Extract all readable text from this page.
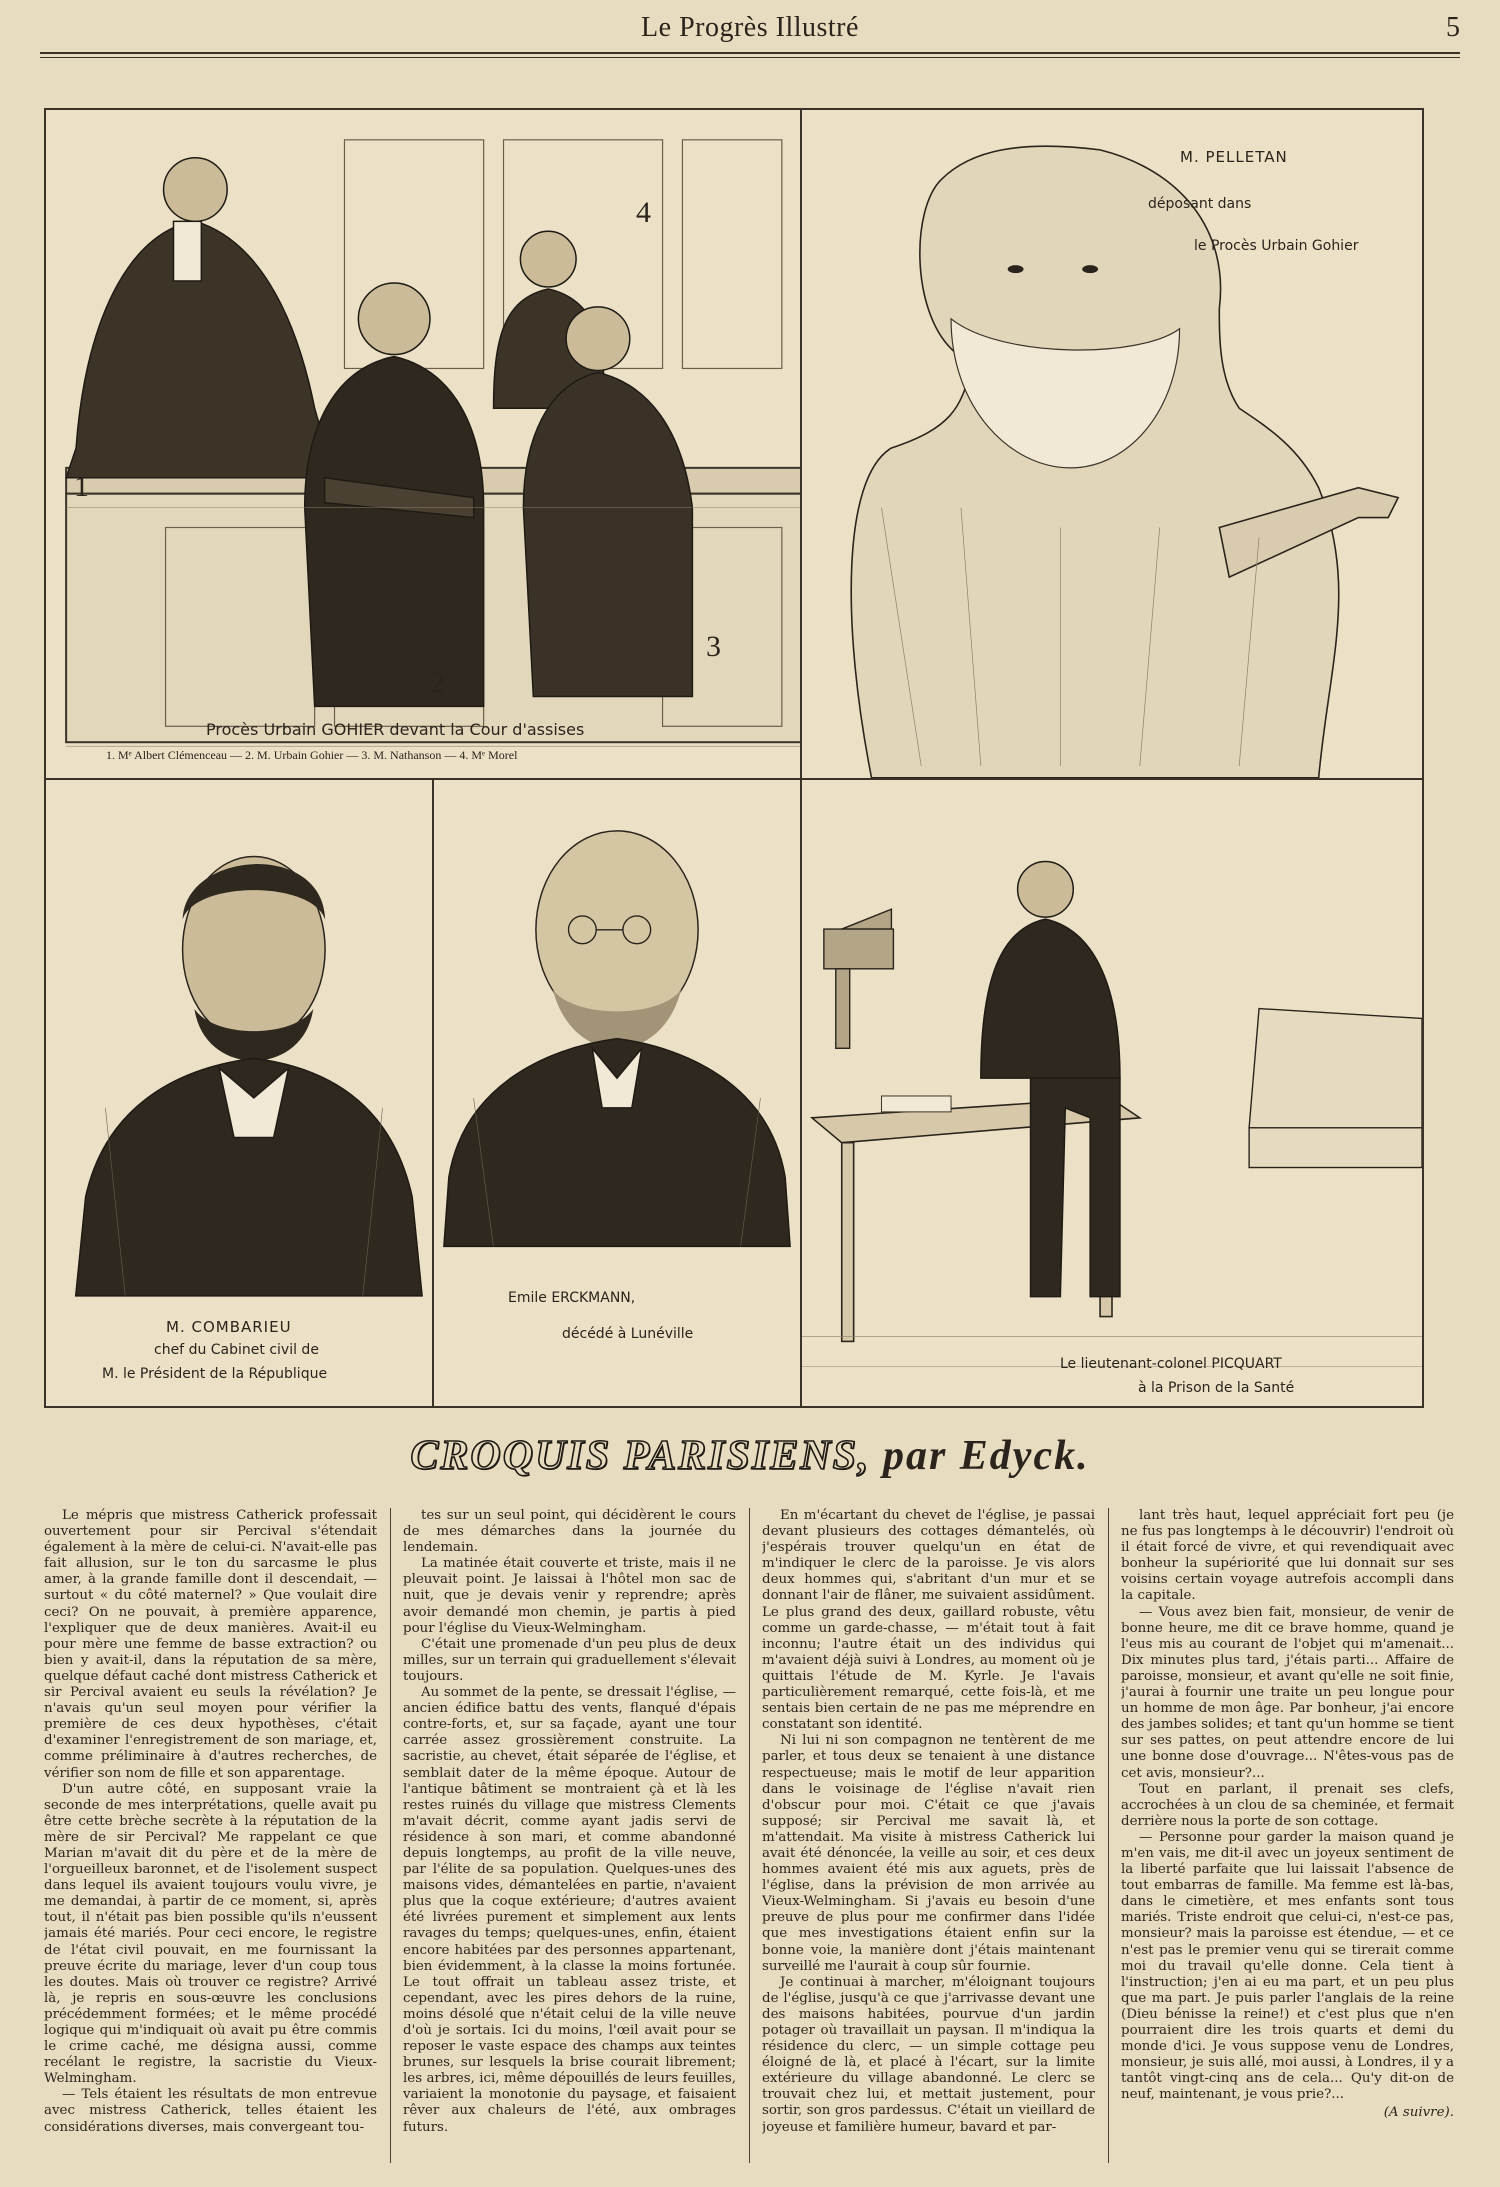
Le Progrès Illustré	5
1
2
3
4
Procès Urbain GOHIER devant la Cour d'assises
1. Mᵉ Albert Clémenceau — 2. M. Urbain Gohier — 3. M. Nathanson — 4. Mᵉ Morel
M. PELLETAN
déposant dans
le Procès Urbain Gohier
M. COMBARIEU
chef du Cabinet civil de
M. le Président de la République
Emile ERCKMANN,
décédé à Lunéville
Le lieutenant-colonel PICQUART
à la Prison de la Santé
CROQUIS PARISIENS, par Edyck.

Le mépris que mistress Catherick professait ouvertement pour sir Percival s'étendait également à la mère de celui-ci. N'avait-elle pas fait allusion, sur le ton du sarcasme le plus amer, à la grande famille dont il descendait, — surtout « du côté maternel? » Que voulait dire ceci? On ne pouvait, à première apparence, l'expliquer que de deux manières. Avait-il eu pour mère une femme de basse extraction? ou bien y avait-il, dans la réputation de sa mère, quelque défaut caché dont mistress Catherick et sir Percival avaient eu seuls la révélation? Je n'avais qu'un seul moyen pour vérifier la première de ces deux hypothèses, c'était d'examiner l'enregistrement de son mariage, et, comme préliminaire à d'autres recherches, de vérifier son nom de fille et son apparentage.

D'un autre côté, en supposant vraie la seconde de mes interprétations, quelle avait pu être cette brèche secrète à la réputation de la mère de sir Percival? Me rappelant ce que Marian m'avait dit du père et de la mère de l'orgueilleux baronnet, et de l'isolement suspect dans lequel ils avaient toujours voulu vivre, je me demandai, à partir de ce moment, si, après tout, il n'était pas bien possible qu'ils n'eussent jamais été mariés. Pour ceci encore, le registre de l'état civil pouvait, en me fournissant la preuve écrite du mariage, lever d'un coup tous les doutes. Mais où trouver ce registre? Arrivé là, je repris en sous-œuvre les conclusions précédemment formées; et le même procédé logique qui m'indiquait où avait pu être commis le crime caché, me désigna aussi, comme recélant le registre, la sacristie du Vieux-Welmingham.

— Tels étaient les résultats de mon entrevue avec mistress Catherick, telles étaient les considérations diverses, mais convergeant tou-

tes sur un seul point, qui décidèrent le cours de mes démarches dans la journée du lendemain.

La matinée était couverte et triste, mais il ne pleuvait point. Je laissai à l'hôtel mon sac de nuit, que je devais venir y reprendre; après avoir demandé mon chemin, je partis à pied pour l'église du Vieux-Welmingham.

C'était une promenade d'un peu plus de deux milles, sur un terrain qui graduellement s'élevait toujours.

Au sommet de la pente, se dressait l'église, — ancien édifice battu des vents, flanqué d'épais contre-forts, et, sur sa façade, ayant une tour carrée assez grossièrement construite. La sacristie, au chevet, était séparée de l'église, et semblait dater de la même époque. Autour de l'antique bâtiment se montraient çà et là les restes ruinés du village que mistress Clements m'avait décrit, comme ayant jadis servi de résidence à son mari, et comme abandonné depuis longtemps, au profit de la ville neuve, par l'élite de sa population. Quelques-unes des maisons vides, démantelées en partie, n'avaient plus que la coque extérieure; d'autres avaient été livrées purement et simplement aux lents ravages du temps; quelques-unes, enfin, étaient encore habitées par des personnes appartenant, bien évidemment, à la classe la moins fortunée. Le tout offrait un tableau assez triste, et cependant, avec les pires dehors de la ruine, moins désolé que n'était celui de la ville neuve d'où je sortais. Ici du moins, l'œil avait pour se reposer le vaste espace des champs aux teintes brunes, sur lesquels la brise courait librement; les arbres, ici, même dépouillés de leurs feuilles, variaient la monotonie du paysage, et faisaient rêver aux chaleurs de l'été, aux ombrages futurs.

En m'écartant du chevet de l'église, je passai devant plusieurs des cottages démantelés, où j'espérais trouver quelqu'un en état de m'indiquer le clerc de la paroisse. Je vis alors deux hommes qui, s'abritant d'un mur et se donnant l'air de flâner, me suivaient assidûment. Le plus grand des deux, gaillard robuste, vêtu comme un garde-chasse, — m'était tout à fait inconnu; l'autre était un des individus qui m'avaient déjà suivi à Londres, au moment où je quittais l'étude de M. Kyrle. Je l'avais particulièrement remarqué, cette fois-là, et me sentais bien certain de ne pas me méprendre en constatant son identité.

Ni lui ni son compagnon ne tentèrent de me parler, et tous deux se tenaient à une distance respectueuse; mais le motif de leur apparition dans le voisinage de l'église n'avait rien d'obscur pour moi. C'était ce que j'avais supposé; sir Percival me savait là, et m'attendait. Ma visite à mistress Catherick lui avait été dénoncée, la veille au soir, et ces deux hommes avaient été mis aux aguets, près de l'église, dans la prévision de mon arrivée au Vieux-Welmingham. Si j'avais eu besoin d'une preuve de plus pour me confirmer dans l'idée que mes investigations étaient enfin sur la bonne voie, la manière dont j'étais maintenant surveillé me l'aurait à coup sûr fournie.

Je continuai à marcher, m'éloignant toujours de l'église, jusqu'à ce que j'arrivasse devant une des maisons habitées, pourvue d'un jardin potager où travaillait un paysan. Il m'indiqua la résidence du clerc, — un simple cottage peu éloigné de là, et placé à l'écart, sur la limite extérieure du village abandonné. Le clerc se trouvait chez lui, et mettait justement, pour sortir, son gros pardessus. C'était un vieillard de joyeuse et familière humeur, bavard et par-

lant très haut, lequel appréciait fort peu (je ne fus pas longtemps à le découvrir) l'endroit où il était forcé de vivre, et qui revendiquait avec bonheur la supériorité que lui donnait sur ses voisins certain voyage autrefois accompli dans la capitale.

— Vous avez bien fait, monsieur, de venir de bonne heure, me dit ce brave homme, quand je l'eus mis au courant de l'objet qui m'amenait... Dix minutes plus tard, j'étais parti... Affaire de paroisse, monsieur, et avant qu'elle ne soit finie, j'aurai à fournir une traite un peu longue pour un homme de mon âge. Par bonheur, j'ai encore des jambes solides; et tant qu'un homme se tient sur ses pattes, on peut attendre encore de lui une bonne dose d'ouvrage... N'êtes-vous pas de cet avis, monsieur?...

Tout en parlant, il prenait ses clefs, accrochées à un clou de sa cheminée, et fermait derrière nous la porte de son cottage.

— Personne pour garder la maison quand je m'en vais, me dit-il avec un joyeux sentiment de la liberté parfaite que lui laissait l'absence de tout embarras de famille. Ma femme est là-bas, dans le cimetière, et mes enfants sont tous mariés. Triste endroit que celui-ci, n'est-ce pas, monsieur? mais la paroisse est étendue, — et ce n'est pas le premier venu qui se tirerait comme moi du travail qu'elle donne. Cela tient à l'instruction; j'en ai eu ma part, et un peu plus que ma part. Je puis parler l'anglais de la reine (Dieu bénisse la reine!) et c'est plus que n'en pourraient dire les trois quarts et demi du monde d'ici. Je vous suppose venu de Londres, monsieur, je suis allé, moi aussi, à Londres, il y a tantôt vingt-cinq ans de cela... Qu'y dit-on de neuf, maintenant, je vous prie?...

(A suivre).
